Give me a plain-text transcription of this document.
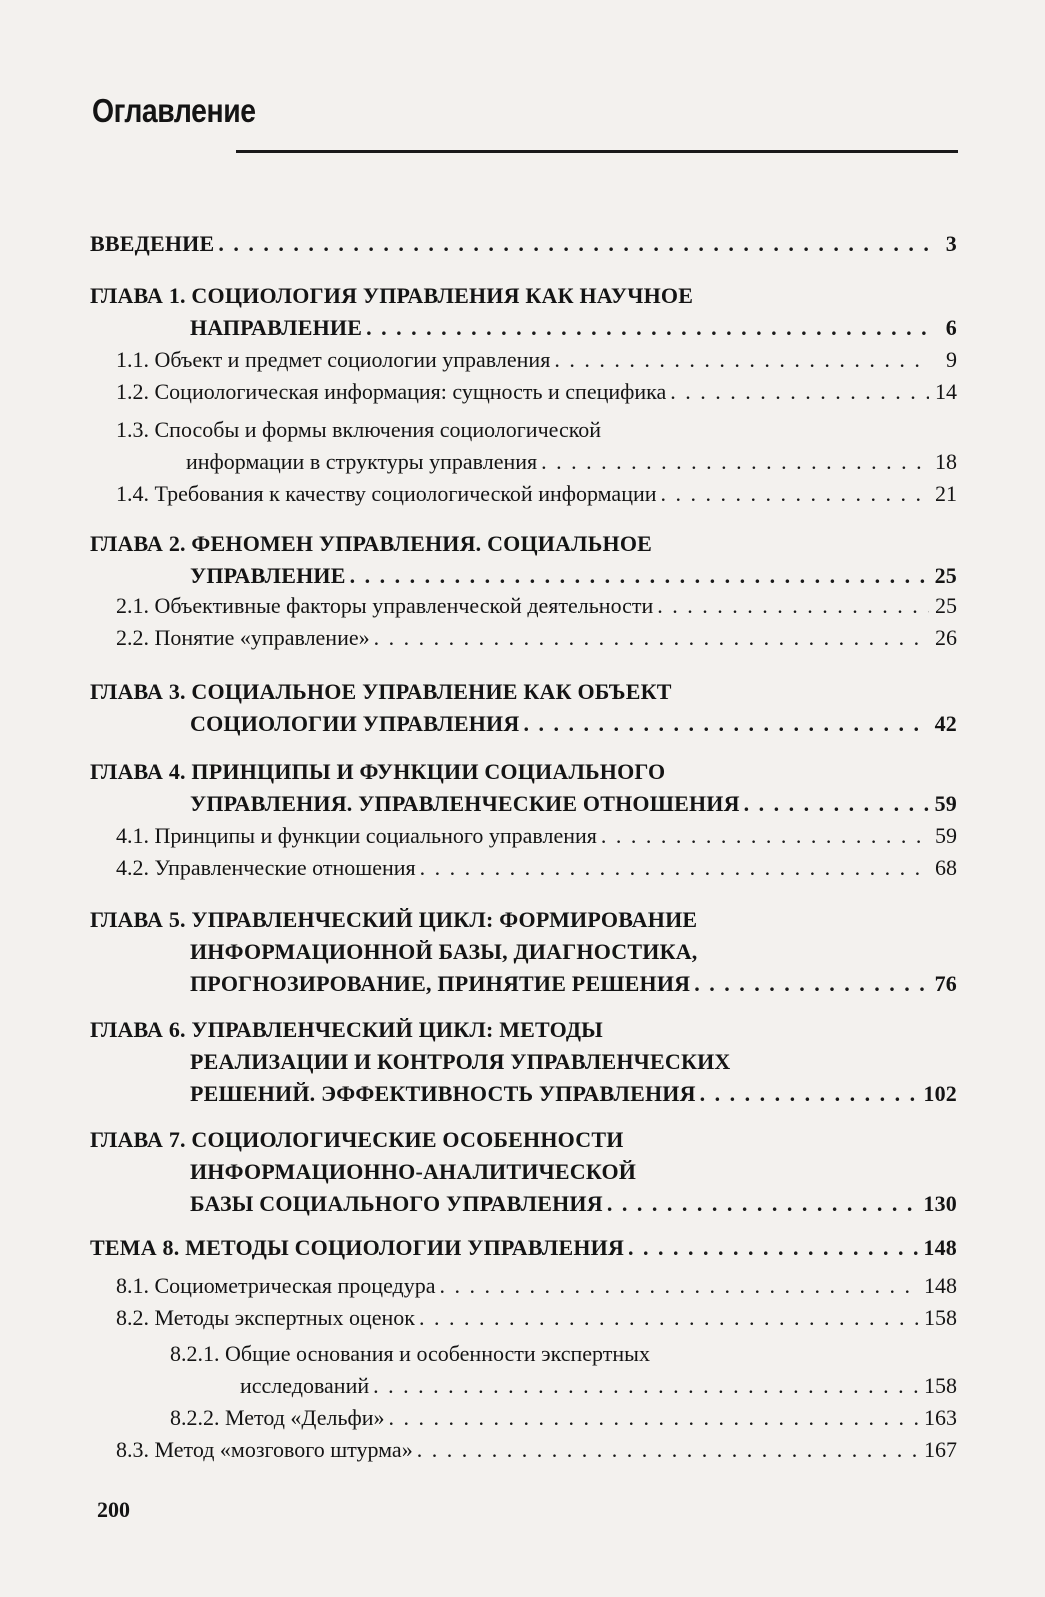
Оглавление
ВВЕДЕНИЕ . . .	3
ГЛАВА 1. СОЦИОЛОГИЯ УПРАВЛЕНИЯ КАК НАУЧНОЕ
НАПРАВЛЕНИЕ . . .	6
1.1. Объект и предмет социологии управления . . .	9
1.2. Социологическая информация: сущность и специфика . . .	14
1.3. Способы и формы включения социологической
информации в структуры управления . . .	18
1.4. Требования к качеству социологической информации . . .	21
ГЛАВА 2. ФЕНОМЕН УПРАВЛЕНИЯ. СОЦИАЛЬНОЕ
УПРАВЛЕНИЕ . . .	25
2.1. Объективные факторы управленческой деятельности . . .	25
2.2. Понятие «управление» . . .	26
ГЛАВА 3. СОЦИАЛЬНОЕ УПРАВЛЕНИЕ КАК ОБЪЕКТ
СОЦИОЛОГИИ УПРАВЛЕНИЯ . . .	42
ГЛАВА 4. ПРИНЦИПЫ И ФУНКЦИИ СОЦИАЛЬНОГО
УПРАВЛЕНИЯ. УПРАВЛЕНЧЕСКИЕ ОТНОШЕНИЯ . . .	59
4.1. Принципы и функции социального управления . . .	59
4.2. Управленческие отношения . . .	68
ГЛАВА 5. УПРАВЛЕНЧЕСКИЙ ЦИКЛ: ФОРМИРОВАНИЕ
ИНФОРМАЦИОННОЙ БАЗЫ, ДИАГНОСТИКА,
ПРОГНОЗИРОВАНИЕ, ПРИНЯТИЕ РЕШЕНИЯ . . .	76
ГЛАВА 6. УПРАВЛЕНЧЕСКИЙ ЦИКЛ: МЕТОДЫ
РЕАЛИЗАЦИИ И КОНТРОЛЯ УПРАВЛЕНЧЕСКИХ
РЕШЕНИЙ. ЭФФЕКТИВНОСТЬ УПРАВЛЕНИЯ . . .	102
ГЛАВА 7. СОЦИОЛОГИЧЕСКИЕ ОСОБЕННОСТИ
ИНФОРМАЦИОННО-АНАЛИТИЧЕСКОЙ
БАЗЫ СОЦИАЛЬНОГО УПРАВЛЕНИЯ . . .	130
ТЕМА 8. МЕТОДЫ СОЦИОЛОГИИ УПРАВЛЕНИЯ . . .	148
8.1. Социометрическая процедура . . .	148
8.2. Методы экспертных оценок . . .	158
8.2.1. Общие основания и особенности экспертных
исследований . . .	158
8.2.2. Метод «Дельфи» . . .	163
8.3. Метод «мозгового штурма» . . .	167
200
